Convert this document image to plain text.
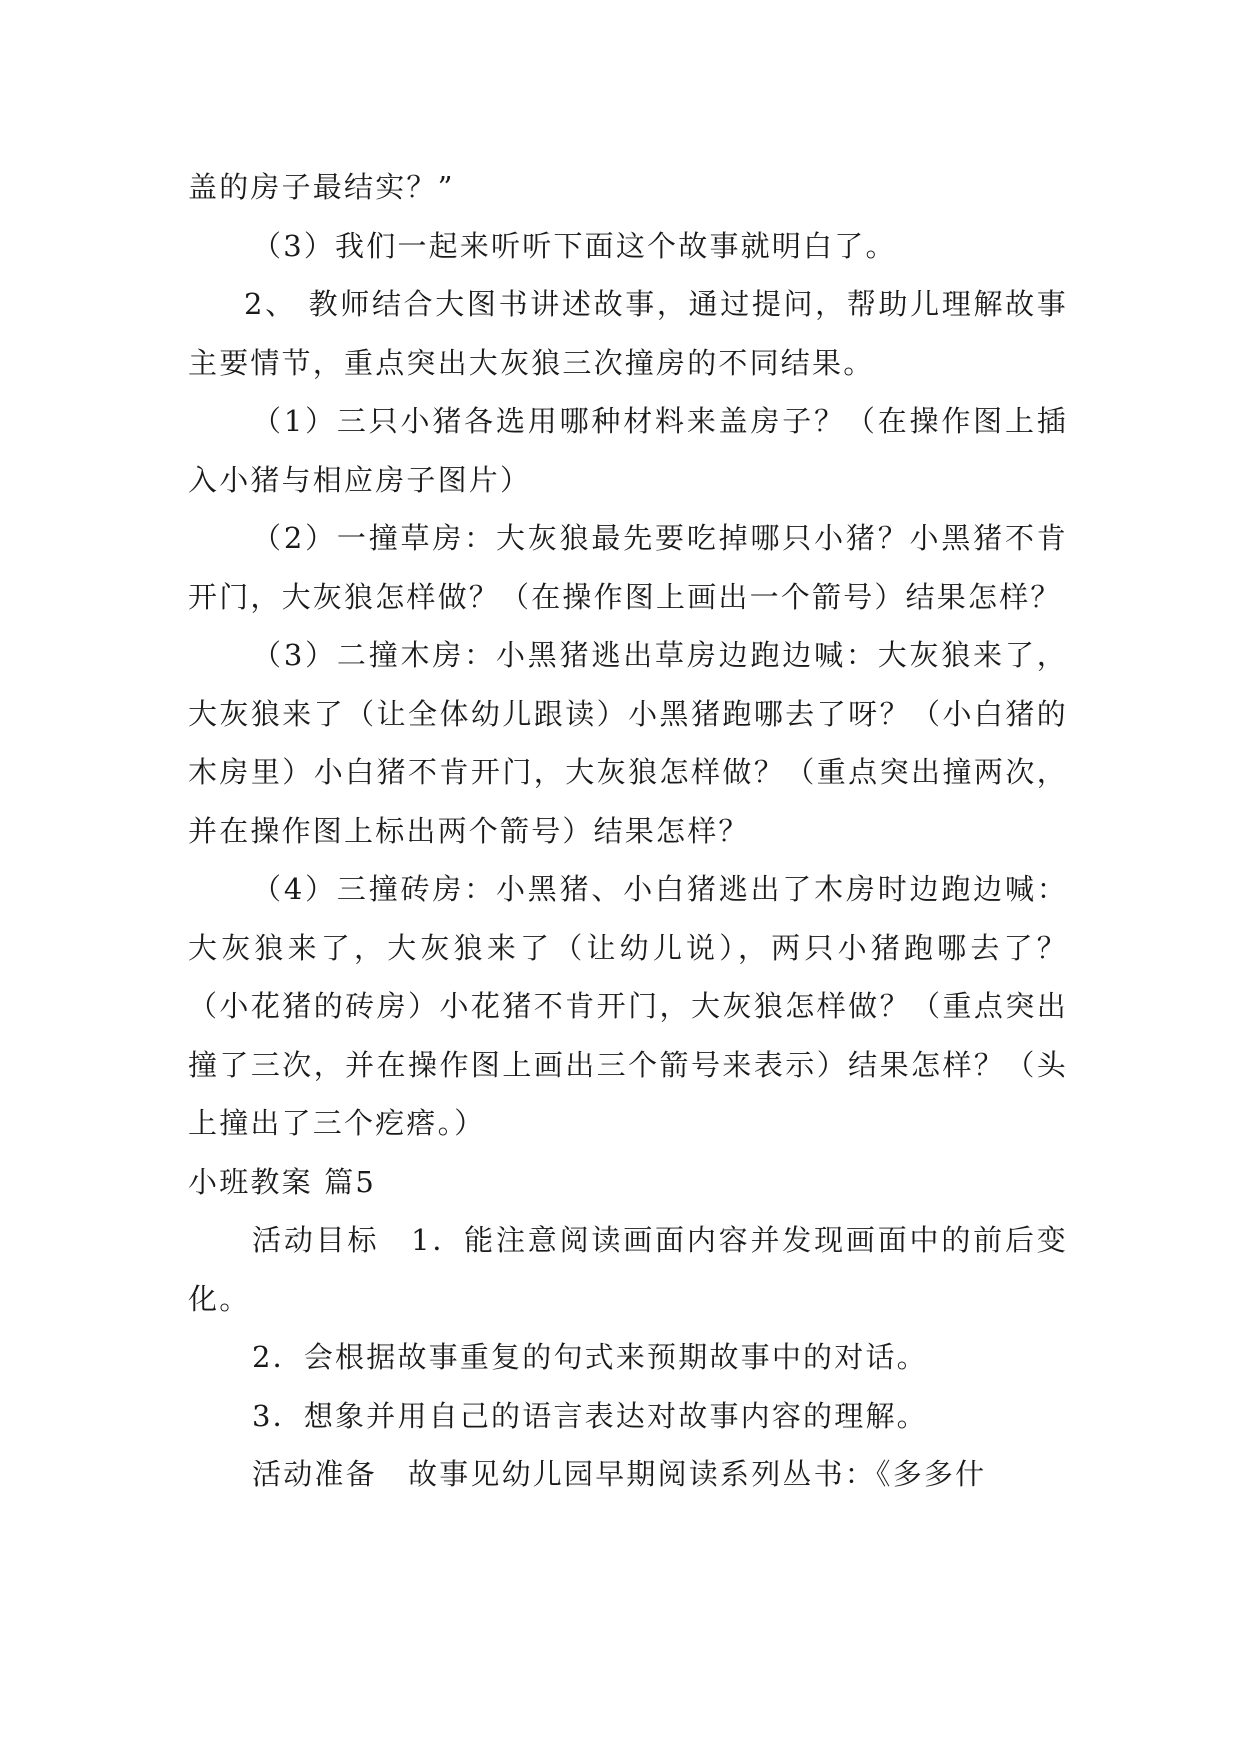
盖的房子最结实？”

（3）我们一起来听听下面这个故事就明白了。

2、 教师结合大图书讲述故事，通过提问，帮助儿理解故事主要情节，重点突出大灰狼三次撞房的不同结果。

（1）三只小猪各选用哪种材料来盖房子？（在操作图上插入小猪与相应房子图片）

（2）一撞草房：大灰狼最先要吃掉哪只小猪？小黑猪不肯开门，大灰狼怎样做？（在操作图上画出一个箭号）结果怎样？

（3）二撞木房：小黑猪逃出草房边跑边喊：大灰狼来了，大灰狼来了（让全体幼儿跟读）小黑猪跑哪去了呀？（小白猪的木房里）小白猪不肯开门，大灰狼怎样做？（重点突出撞两次，并在操作图上标出两个箭号）结果怎样？

（4）三撞砖房：小黑猪、小白猪逃出了木房时边跑边喊：大灰狼来了，大灰狼来了（让幼儿说），两只小猪跑哪去了？（小花猪的砖房）小花猪不肯开门，大灰狼怎样做？（重点突出撞了三次，并在操作图上画出三个箭号来表示）结果怎样？（头上撞出了三个疙瘩。）

小班教案 篇5

活动目标　1．能注意阅读画面内容并发现画面中的前后变化。

2．会根据故事重复的句式来预期故事中的对话。

3．想象并用自己的语言表达对故事内容的理解。

活动准备　故事见幼儿园早期阅读系列丛书：《多多什
